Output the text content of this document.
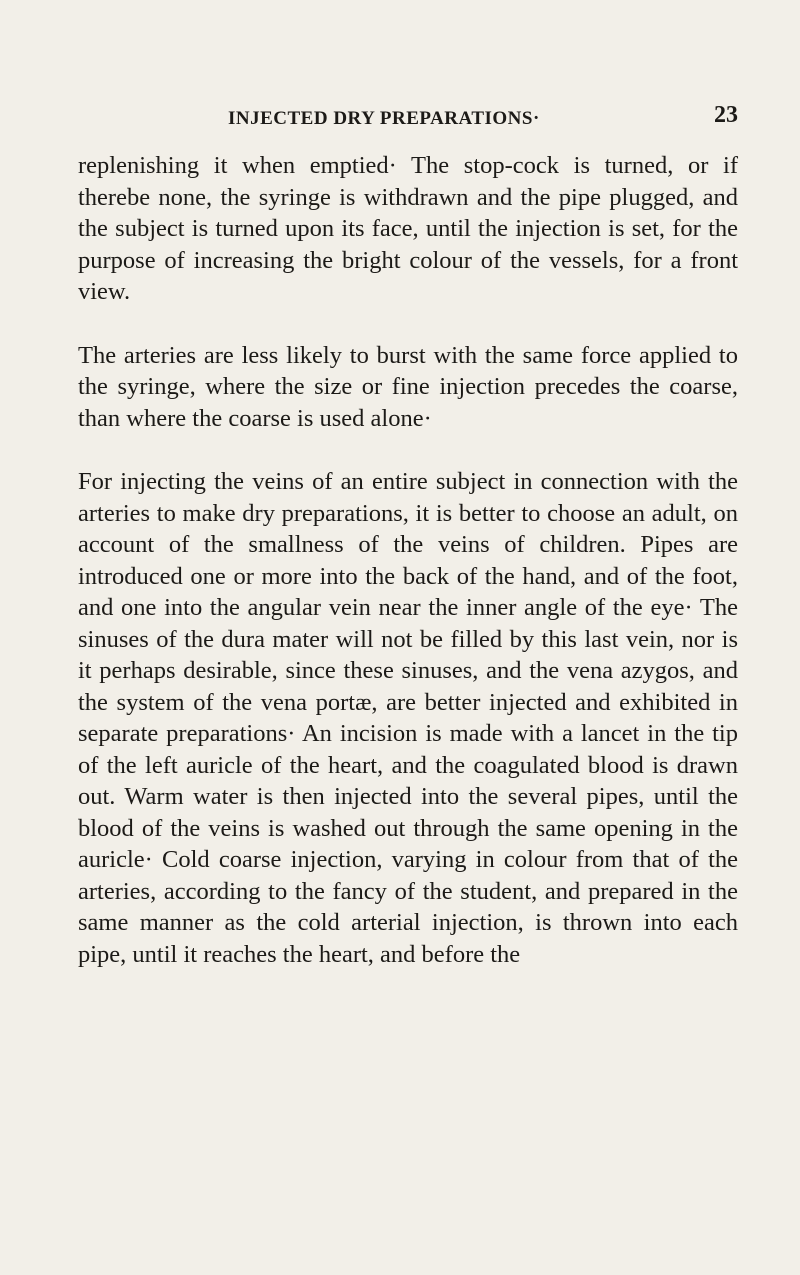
INJECTED DRY PREPARATIONS·	23

replenishing it when emptied· The stop-cock is turned, or if therebe none, the syringe is withdrawn and the pipe plugged, and the subject is turned upon its face, until the injection is set, for the purpose of increasing the bright colour of the vessels, for a front view.

The arteries are less likely to burst with the same force applied to the syringe, where the size or fine injection precedes the coarse, than where the coarse is used alone·

For injecting the veins of an entire subject in connection with the arteries to make dry preparations, it is better to choose an adult, on account of the smallness of the veins of children. Pipes are introduced one or more into the back of the hand, and of the foot, and one into the angular vein near the inner angle of the eye· The sinuses of the dura mater will not be filled by this last vein, nor is it perhaps desirable, since these sinuses, and the vena azygos, and the system of the vena portæ, are better injected and exhibited in separate preparations· An incision is made with a lancet in the tip of the left auricle of the heart, and the coagulated blood is drawn out. Warm water is then injected into the several pipes, until the blood of the veins is washed out through the same opening in the auricle· Cold coarse injection, varying in colour from that of the arteries, according to the fancy of the student, and prepared in the same manner as the cold arterial injection, is thrown into each pipe, until it reaches the heart, and before the
